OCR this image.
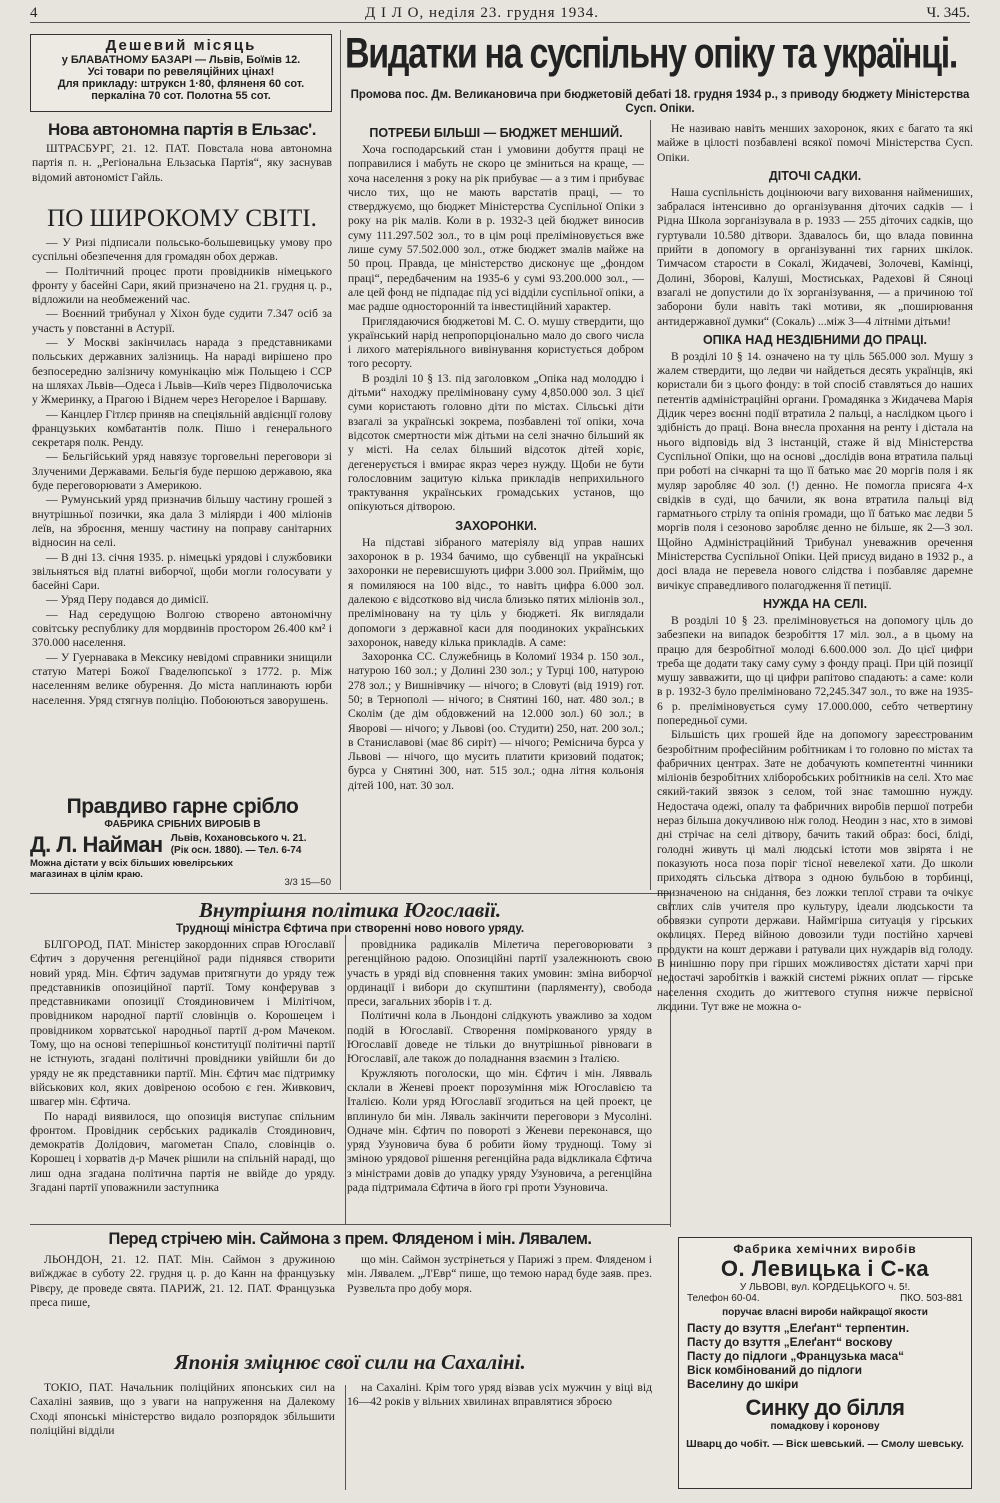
4	Д І Л О, неділя 23. грудня 1934.	Ч. 345.
Дешевий місяць
у БЛАВАТНОМУ БАЗАРІ — Львів, Боїмів 12.
Усі товари по ревеляційних цінах!
Для прикладу: штруксн 1·80, фляненя 60 сот.
перкаліна 70 сот. Полотна 55 сот.
Нова автономна партія в Ельзас'.

ШТРАСБУРГ, 21. 12. ПАТ. Повстала нова автономна партія п. н. „Регіональна Ельзаська Партія“, яку заснував відомий автономіст Гайль.

ПО ШИРОКОМУ СВІТІ.

— У Ризі підписали польсько-большевицьку умову про суспільні обезпечення для громадян обох держав.

— Політичний процес проти провідників німецького фронту у басейні Сари, який призначено на 21. грудня ц. р., відложили на необмежений час.

— Воєнний трибунал у Хіхон буде судити 7.347 осіб за участь у повстанні в Астурії.

— У Москві закінчилась нарада з представниками польських державних залізниць. На нараді вирішено про безпосередню залізничу комунікацію між Польщею і ССР на шляхах Львів—Одеса і Львів—Київ через Підволочиська у Жмеринку, а Прагою і Віднем через Негорелое і Варшаву.

— Канцлер Гітлєр приняв на спеціяльній авдієнції голову французьких комбатантів полк. Пішо і генерального секретаря полк. Ренду.

— Бельгійський уряд навязує торговельні переговори зі Злученими Державами. Бельгія буде першою державою, яка буде переговорювати з Америкою.

— Румунський уряд призначив більшу частину грошей з внутрішньої позички, яка дала 3 міліярди і 400 міліонів леїв, на зброєння, меншу частину на поправу санітарних відносин на селі.

— В дні 13. січня 1935. р. німецькі урядові і службовики звільняться від платні виборчої, щоби могли голосувати у басейні Сари.

— Уряд Перу подався до димісії.

— Над середущою Волгою створено автономічну совітську республику для мордвинів простором 26.400 км² і 370.000 населення.

— У Гуернавака в Мексику невідомі справники знищили статую Матері Божої Гваделюпської з 1772. р. Між населенням велике обурення. До міста наплинають юрби населення. Уряд стягнув поліцію. Побоюються заворушень.

Правдиво гарне срібло
ФАБРИКА СРІБНИХ ВИРОБІВ В
Д. Л. Найман Львів, Кохановського ч. 21.
(Рік осн. 1880). — Тел. 6-74
Можна дістати у всіх більших ювелірських магазинах в цілім краю.
3/3 15—50
Видатки на суспільну опіку та українці.
Промова пос. Дм. Великановича при бюджетовій дебаті 18. грудня 1934 р., з приводу бюджету Міністерства Сусп. Опіки.
ПОТРЕБИ БІЛЬШІ — БЮДЖЕТ МЕНШИЙ.

Хоча господарський стан і умовини добуття праці не поправилися і мабуть не скоро це зміниться на краще, — хоча населення з року на рік прибуває — а з тим і прибуває число тих, що не мають варстатів праці, — то стверджуємо, що бюджет Міністерства Суспільної Опіки з року на рік малів. Коли в р. 1932-3 цей бюджет виносив суму 111.297.502 зол., то в цім році преліміновується вже лише суму 57.502.000 зол., отже бюджет змалів майже на 50 проц. Правда, це міністерство дисконує ще „фондом праці“, передбаченим на 1935-6 у сумі 93.200.000 зол., — але цей фонд не підпадає під усі відділи суспільної опіки, а має радше односторонній та інвестиційний характер.

Приглядаючися бюджетові М. С. О. мушу ствердити, що український нарід непропорціонально мало до свого числа і лихого матеріяльного вивінування користується добром того ресорту.

В розділі 10 § 13. під заголовком „Опіка над молоддю і дітьми“ находжу преліміновану суму 4,850.000 зол. З цієї суми користають головно діти по містах. Сільські діти взагалі за українські зокрема, позбавлені тої опіки, хоча відсоток смертности між дітьми на селі значно більший як у місті. На селах більший відсоток дітей хоріє, дегенерується і вмирає якраз через нужду. Щоби не бути голословним зацитую кілька прикладів неприхильного трактування українських громадських установ, що опікуються дітворою.

ЗАХОРОНКИ.

На підставі зібраного матеріялу від управ наших захоронок в р. 1934 бачимо, що субвенції на українські захоронки не перевисшують цифри 3.000 зол. Приймім, що я помиляюся на 100 відс., то навіть цифра 6.000 зол. далекою є відсотково від числа близько пятих міліонів зол., преліміновану на ту ціль у бюджеті. Як виглядали допомоги з державної каси для поодиноких українських захоронок, наведу кілька прикладів. А саме:

Захоронка СС. Служебниць в Коломиї 1934 р. 150 зол., натурою 160 зол.; у Долині 230 зол.; у Турці 100, натурою 278 зол.; у Вишнівчику — нічого; в Словуті (від 1919) гот. 50; в Тернополі — нічого; в Снятині 160, нат. 480 зол.; в Сколім (де дім обдовжений на 12.000 зол.) 60 зол.; в Яворові — нічого; у Львові (оо. Студити) 250, нат. 200 зол.; в Станиславові (має 86 сиріт) — нічого; Ремісничa бурса у Львові — нічого, що мусить платити кризовий податок; бурса у Снятині 300, нат. 515 зол.; одна літня кольонія дітей 100, нат. 30 зол.

Не називаю навіть менших захоронок, яких є багато та які майже в цілості позбавлені всякої помочі Міністерства Сусп. Опіки.

ДІТОЧІ САДКИ.

Наша суспільність доцінюючи вагу виховання наймениших, забралася інтенсивно до організування діточих садків — і Рідна Школа зорганізувала в р. 1933 — 255 діточих садків, що гуртували 10.580 дітвори. Здавалось би, що влада повинна прийти в допомогу в організуванні тих гарних шкілок. Тимчасом старости в Сокалі, Жидачеві, Золочеві, Камінці, Долині, Зборові, Калуші, Мостиськах, Радехові й Сяноці взагалі не допустили до їх зорганізування, — а причиною тої заборони були навіть такі мотиви, як „поширювання антидержавної думки“ (Сокаль) ...між 3—4 літніми дітьми!

ОПІКА НАД НЕЗДІБНИМИ ДО ПРАЦІ.

В розділі 10 § 14. означено на ту ціль 565.000 зол. Мушу з жалем ствердити, що ледви чи найдеться десять українців, які користали би з цього фонду: в той спосіб ставляться до наших петентів адміністраційні органи. Громадянка з Жидачева Марія Дідик через воєнні події втратила 2 пальці, а наслідком цього і здібність до праці. Вона внесла прохання на ренту і дістала на нього відповідь від 3 інстанцій, стаже й від Міністерства Суспільної Опіки, що на основі „дослідів вона втратила пальці при роботі на січкарні та що її батько має 20 моргів поля і як муляр заробляє 40 зол. (!) денно. Не помогла присяга 4-х свідків в суді, що бачили, як вона втратила пальці від гарматнього стрілу та опінія громади, що її батько має ледви 5 моргів поля і сезоново заробляє денно не більше, як 2—3 зол. Щойно Адміністраційний Трибунал уневажнив оречення Міністерства Суспільної Опіки. Цей присуд видано в 1932 р., а досі влада не перевела нового слідства і позбавляє даремне вичікує справедливого полагодження її петиції.

НУЖДА НА СЕЛІ.

В розділі 10 § 23. преліміновується на допомогу ціль до забезпеки на випадок безробіття 17 міл. зол., а в цьому на працю для безробітної молоді 6.600.000 зол. До цієї цифри треба ще додати таку саму суму з фонду праці. При цій позиції мушу завважити, що ці цифри рапітово спадають: а саме: коли в р. 1932-3 було преліміновано 72,245.347 зол., то вже на 1935-6 р. преліміновується суму 17.000.000, себто четвертину попередньої суми.

Більшість цих грошей йде на допомогу зареєстрованим безробітним професійним робітникам і то головно по містах та фабричних центрах. Зате не добачують компетентні чинники міліонів безробітних хліборобських робітників на селі. Хто має сякий-такий звязок з селом, той знає тамошню нужду. Недостача одежі, опалу та фабричних виробів першої потреби нераз більша докучливою ніж голод. Неодин з нас, хто в зимові дні стрічає на селі дітвору, бачить такий образ: босі, бліді, голодні живуть ці малі людські істоти мов звірята і не показують носа поза поріг тісної невелекої хати. До школи приходять сільська дітвора з одною бульбою в торбинці, призначеною на снідання, без ложки теплої страви та очікує світлих слів учителя про культуру, ідеали людськости та обовязки супроти держави. Наймгірша ситуація у гірських околицях. Перед війною довозили туди постійно харчеві продукти на кошт держави і ратували цих нуждарів від голоду. В нинішню пору при гірших можливостях дістати харчі при недостачі заробітків і важкій системі ріжних оплат — гірське населення сходить до життевого ступня нижче первісної людини. Тут вже не можна о-

Внутрішня політика Югославії.
Труднощі міністра Єфтича при створенні ново нового уряду.

БІЛГОРОД, ПАТ. Міністер закордонних справ Югославії Єфтич з доручення регенційної ради піднявся створити новий уряд. Мін. Єфтич задумав притягнути до уряду теж представників опозиційної партії. Тому конферував з представниками опозиції Стоядиновичем і Мілітічом, провідником народної партії словінців о. Корошецем і провідником хорватської народньої партії д-ром Мачеком. Тому, що на основі теперішньої конституції політичні партії не істнують, згадані політичні провідники увійшли би до уряду не як представники партії. Мін. Єфтич має підтримку військових кол, яких довіреною особою є ген. Живкович, швагер мін. Єфтича.

По нараді виявилося, що опозиція виступає спільним фронтом. Провідник сербських радикалів Стоядинович, демократів Долідович, магометан Спало, словінців о. Корошец і хорватів д-р Мачек рішили на спільній нараді, що лиш одна згадана політична партія не ввійде до уряду. Згадані партії уповажнили заступника

провідника радикалів Мілетича переговорювати з регенційною радою. Опозиційні партії узалежнюють свою участь в уряді від сповнення таких умовин: зміна виборчої ординації і вибори до скупштини (парляменту), свобода преси, загальних зборів і т. д.

Політичні кола в Льондоні слідкують уважливо за ходом подій в Югославії. Створення поміркованого уряду в Югославії доведе не тільки до внутрішньої рівноваги в Югославії, але також до поладнання взаємин з Італією.

Кружляють поголоски, що мін. Єфтич і мін. Лявваль склали в Женеві проект порозуміння між Югославією та Італією. Коли уряд Югославії згодиться на цей проект, це вплинуло би мін. Ляваль закінчити переговори з Мусоліні. Одначе мін. Єфтич по поворотi з Женеви переконався, що уряд Узуновича бува б робити йому труднощі. Тому зі зміною урядової рішення регенційна рада відкликала Єфтича з міністрами довів до упадку уряду Узуновича, а регенційна рада підтримала Єфтича в його грі проти Узуновича.

Перед стрічею мін. Саймона з прем. Фляденом і мін. Лявалем.

ЛЬОНДОН, 21. 12. ПАТ. Мін. Саймон з дружиною виїжджає в суботу 22. грудня ц. р. до Канн на французьку Рівєру, де проведе свята. ПАРИЖ, 21. 12. ПАТ. Французька преса пише,

що мін. Саймон зустрінеться у Парижі з прем. Фляденом і мін. Лявалем. „Л'Евр“ пише, що темою нарад буде заяв. през. Рузвельта про добу моря.

Японія зміцнює свої сили на Сахаліні.

ТОКІО, ПАТ. Начальник поліційних японських сил на Сахаліні заявив, що з уваги на напруження на Далекому Сході японські міністерство видало розпорядок збільшити поліційні відділи

на Сахаліні. Крім того уряд візвав усіх мужчин у віці від 16—42 років у вільних хвилинах вправлятися зброєю

Фабрика хемічних виробів
О. Левицька і С-ка
У ЛЬВОВІ, вул. КОРДЕЦЬКОГО ч. 5!.
Телефон 60-04.	ПКО. 503-881
поручає власні вироби найкращої якости
Пасту до взуття „Елеґант“ терпентин.
Пасту до взуття „Елеґант“ воскову
Пасту до підлоги „Французька маса“
Віск комбінований до підлоги
Васелину до шкіри
Синку до білля
помадкову і короновy
Шварц до чобіт. — Віск шевський. — Смолу шевську.
